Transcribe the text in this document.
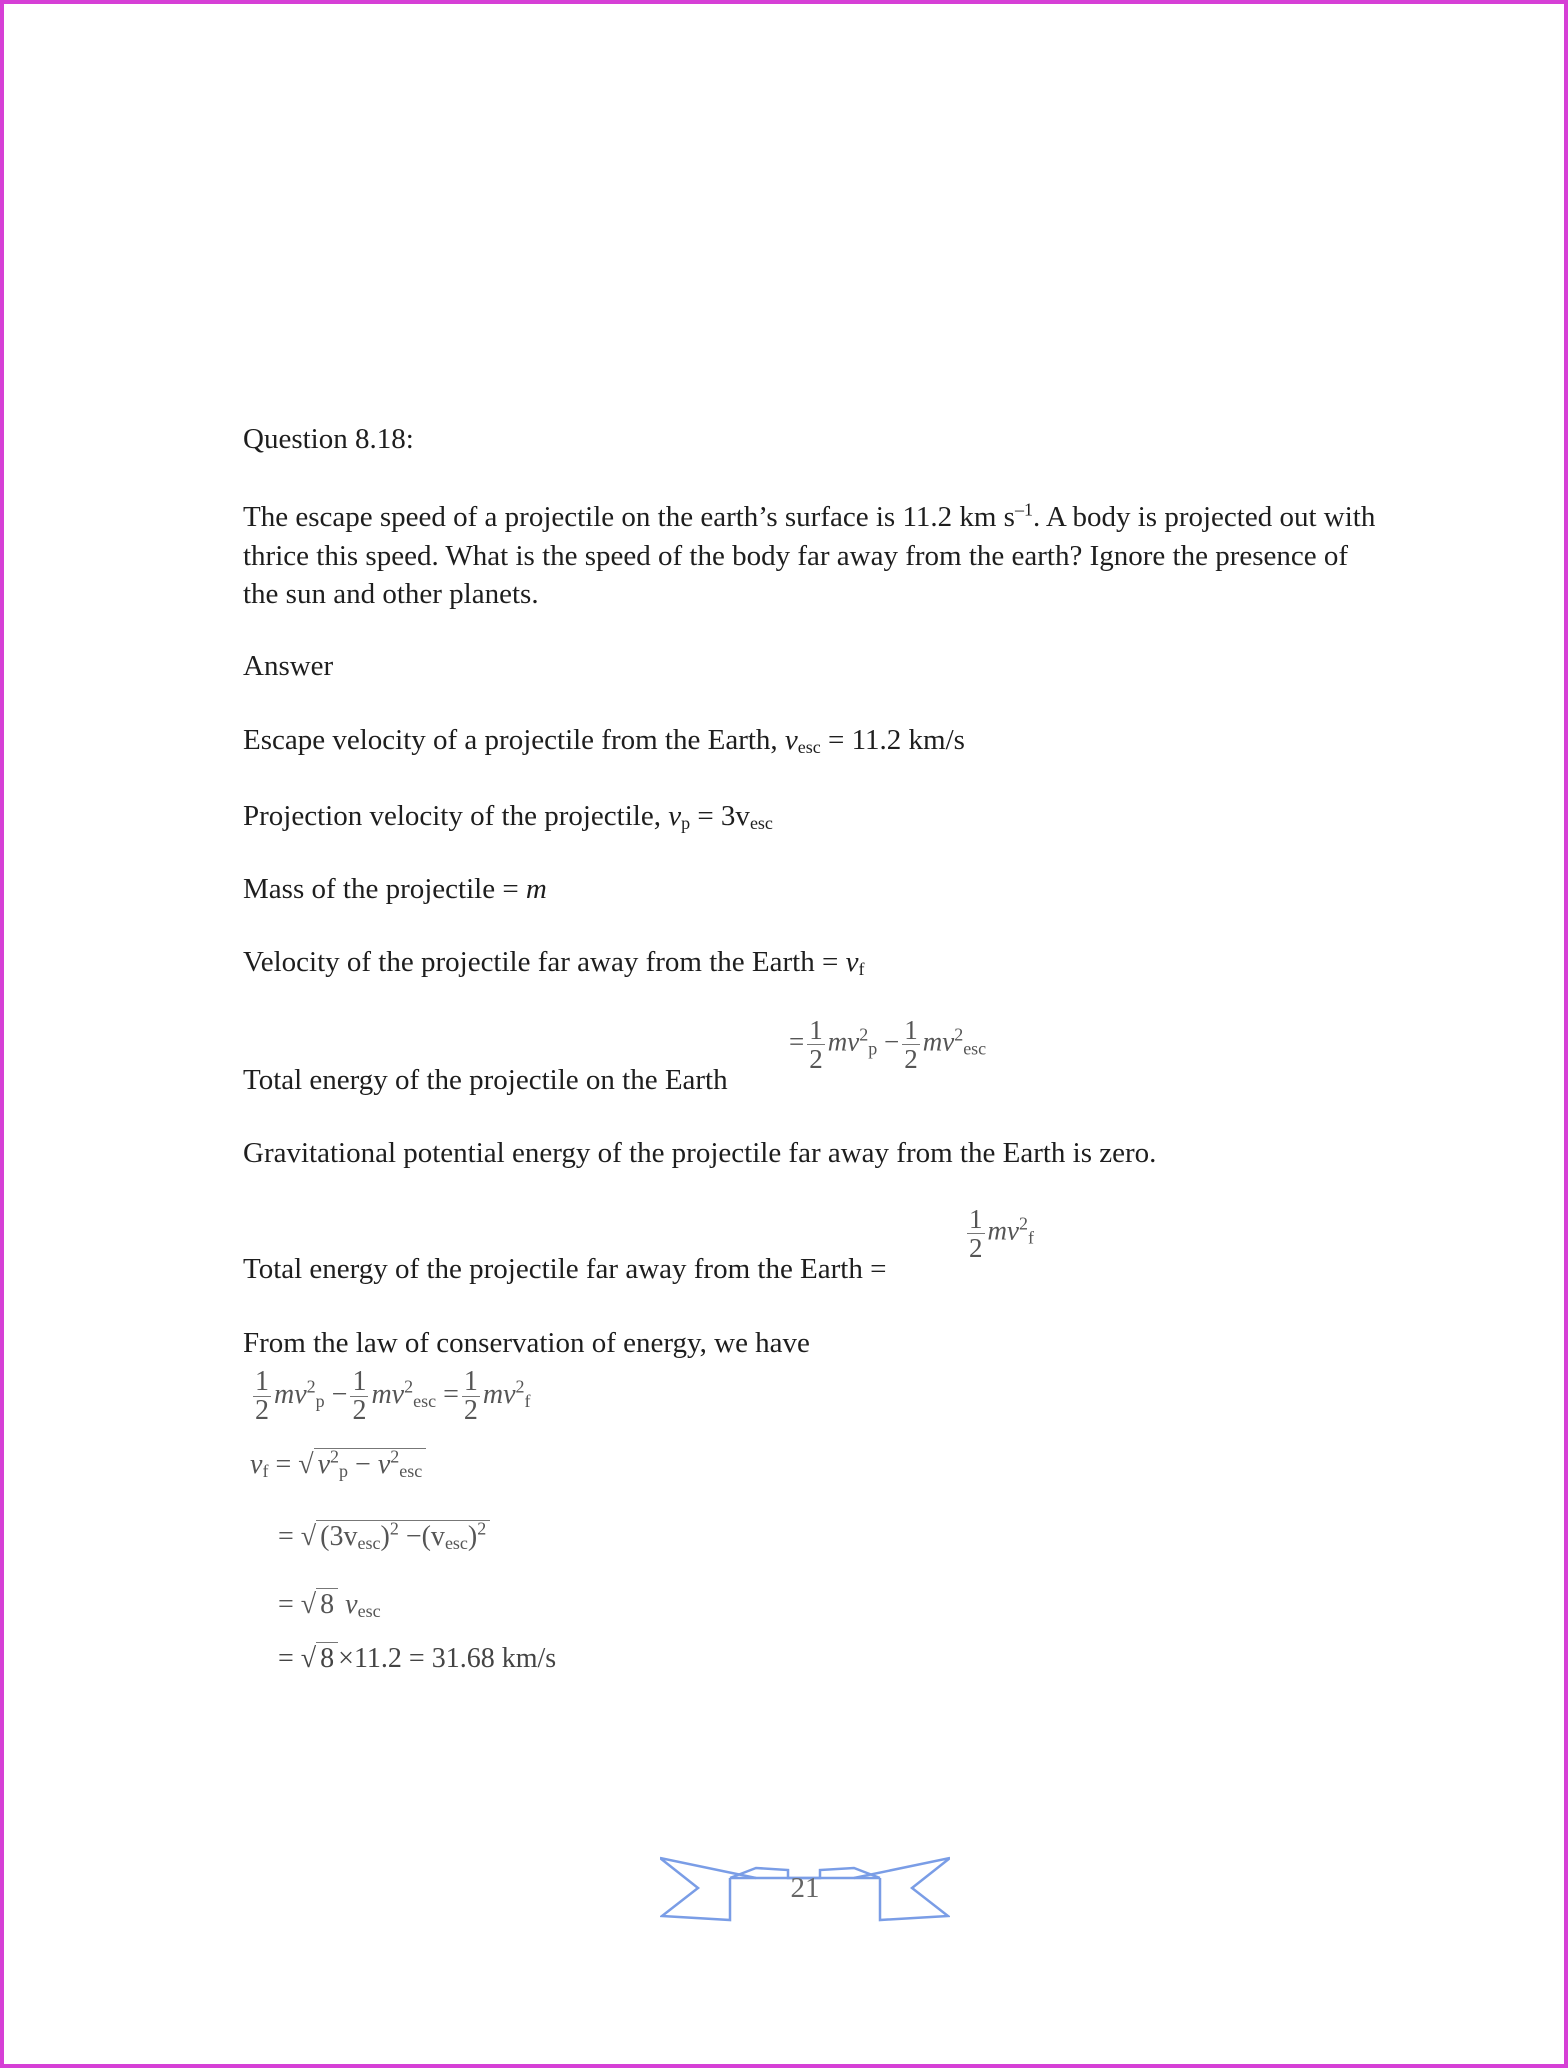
Question 8.18:
The escape speed of a projectile on the earth’s surface is 11.2 km $s^{-1}$. A body is projected out with thrice this speed. What is the speed of the body far away from the earth? Ignore the presence of the sun and other planets.
Answer
Escape velocity of a projectile from the Earth, $v_{esc} = 11.2$ km/s
Projection velocity of the projectile, $v_p = 3v_{esc}$
Mass of the projectile = m
Velocity of the projectile far away from the Earth = $v_f$
Total energy of the projectile on the Earth
= $\frac{1}{2} mv^2_p - \frac{1}{2} mv^2_{esc}$
Gravitational potential energy of the projectile far away from the Earth is zero.
Total energy of the projectile far away from the Earth =
$\frac{1}{2} mv^2_f$
From the law of conservation of energy, we have
$\frac{1}{2} mv^2_p - \frac{1}{2} mv^2_{esc} = \frac{1}{2} mv^2_f$
$v_f$ = √ $v^2_p - v^2_{esc}$
= √ $(3v_{esc})^2 -(v_{esc})^2$
= √ 8 $v_{esc}$
= √ 8 ×11.2 = 31.68 km/s
21
